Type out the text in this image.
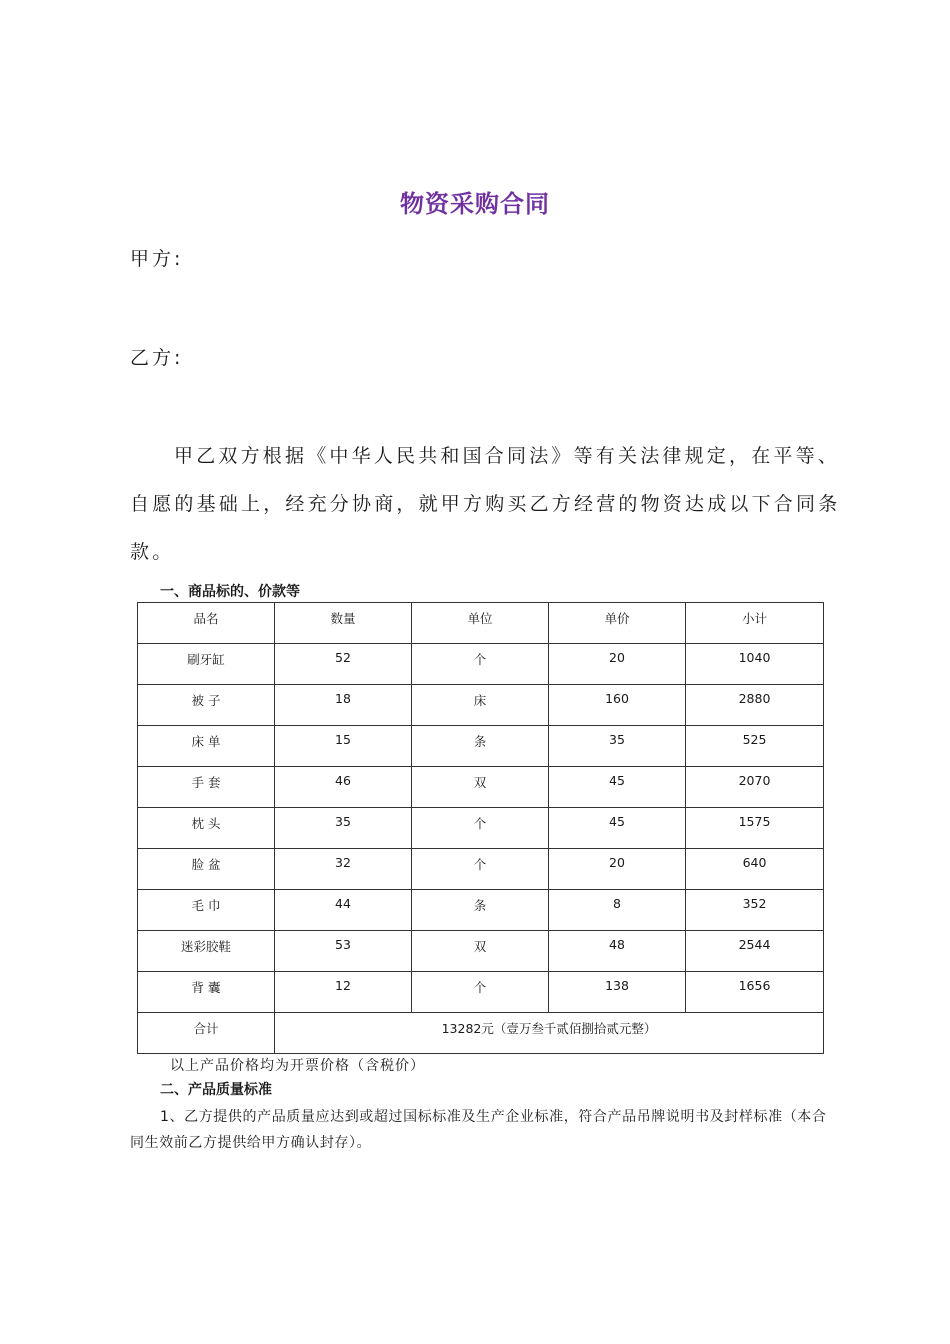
物资采购合同
甲方:
乙方:

甲乙双方根据《中华人民共和国合同法》等有关法律规定，在平等、自愿的基础上，经充分协商，就甲方购买乙方经营的物资达成以下合同条款。

一、商品标的、价款等
品名	数量	单位	单价	小计
刷牙缸	52	个	20	1040
被 子	18	床	160	2880
床 单	15	条	35	525
手 套	46	双	45	2070
枕 头	35	个	45	1575
脸 盆	32	个	20	640
毛 巾	44	条	8	352
迷彩胶鞋	53	双	48	2544
背 囊	12	个	138	1656
合计	13282元（壹万叁千贰佰捌拾贰元整）			
以上产品价格均为开票价格（含税价）
二、产品质量标准

1、乙方提供的产品质量应达到或超过国标标准及生产企业标准，符合产品吊牌说明书及封样标准（本合同生效前乙方提供给甲方确认封存）。
